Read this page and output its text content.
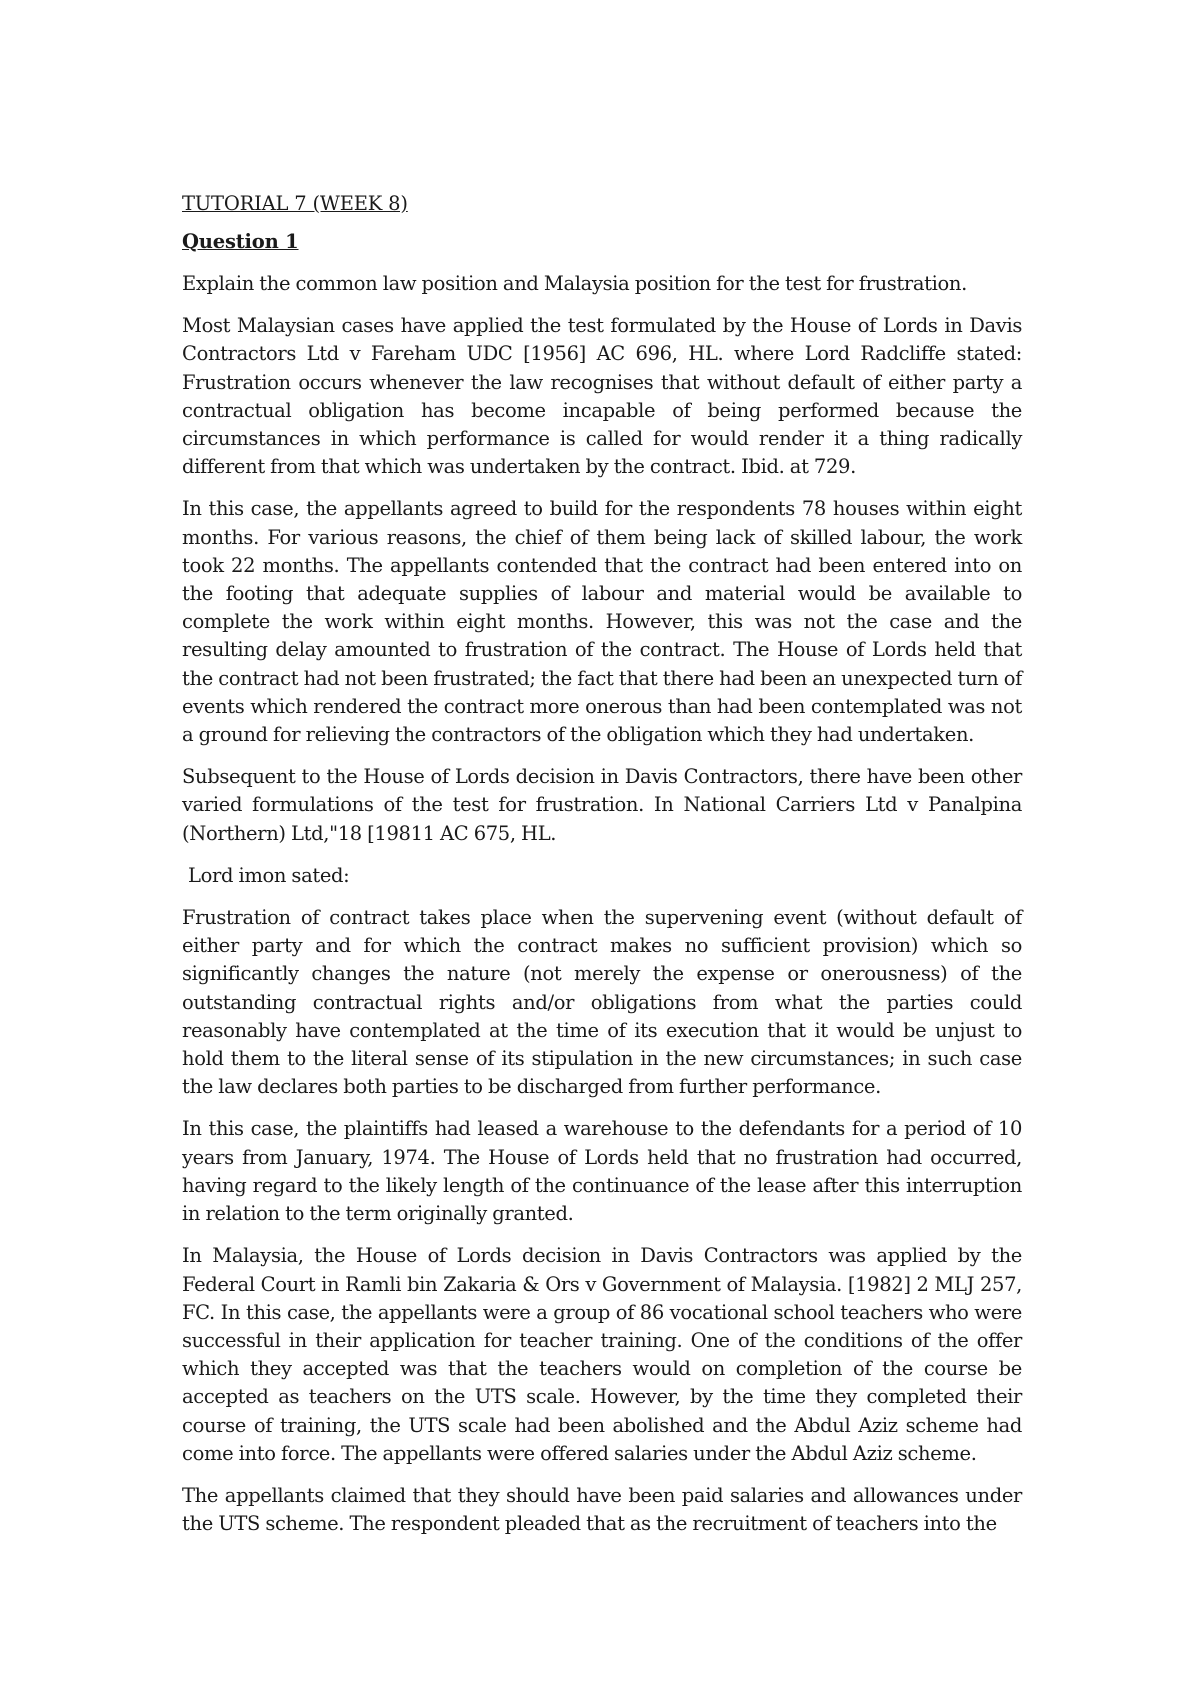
TUTORIAL 7 (WEEK 8)
Question 1

Explain the common law position and Malaysia position for the test for frustration.

Most Malaysian cases have applied the test formulated by the House of Lords in Davis Contractors Ltd v Fareham UDC [1956] AC 696, HL. where Lord Radcliffe stated: Frustration occurs whenever the law recognises that without default of either party a contractual obligation has become incapable of being performed because the circumstances in which performance is called for would render it a thing radically different from that which was undertaken by the contract. Ibid. at 729.

In this case, the appellants agreed to build for the respondents 78 houses within eight months. For various reasons, the chief of them being lack of skilled labour, the work took 22 months. The appellants contended that the contract had been entered into on the footing that adequate supplies of labour and material would be available to complete the work within eight months. However, this was not the case and the resulting delay amounted to frustration of the contract. The House of Lords held that the contract had not been frustrated; the fact that there had been an unexpected turn of events which rendered the contract more onerous than had been contemplated was not a ground for relieving the contractors of the obligation which they had undertaken.

Subsequent to the House of Lords decision in Davis Contractors, there have been other varied formulations of the test for frustration. In National Carriers Ltd v Panalpina (Northern) Ltd,"18 [19811 AC 675, HL.

Lord imon sated:

Frustration of contract takes place when the supervening event (without default of either party and for which the contract makes no sufficient provision) which so significantly changes the nature (not merely the expense or onerousness) of the outstanding contractual rights and/or obligations from what the parties could reasonably have contemplated at the time of its execution that it would be unjust to hold them to the literal sense of its stipulation in the new circumstances; in such case the law declares both parties to be discharged from further performance.

In this case, the plaintiffs had leased a warehouse to the defendants for a period of 10 years from January, 1974. The House of Lords held that no frustration had occurred, having regard to the likely length of the continuance of the lease after this interruption in relation to the term originally granted.

In Malaysia, the House of Lords decision in Davis Contractors was applied by the Federal Court in Ramli bin Zakaria & Ors v Government of Malaysia. [1982] 2 MLJ 257, FC. In this case, the appellants were a group of 86 vocational school teachers who were successful in their application for teacher training. One of the conditions of the offer which they accepted was that the teachers would on completion of the course be accepted as teachers on the UTS scale. However, by the time they completed their course of training, the UTS scale had been abolished and the Abdul Aziz scheme had come into force. The appellants were offered salaries under the Abdul Aziz scheme.

The appellants claimed that they should have been paid salaries and allowances under the UTS scheme. The respondent pleaded that as the recruitment of teachers into the
